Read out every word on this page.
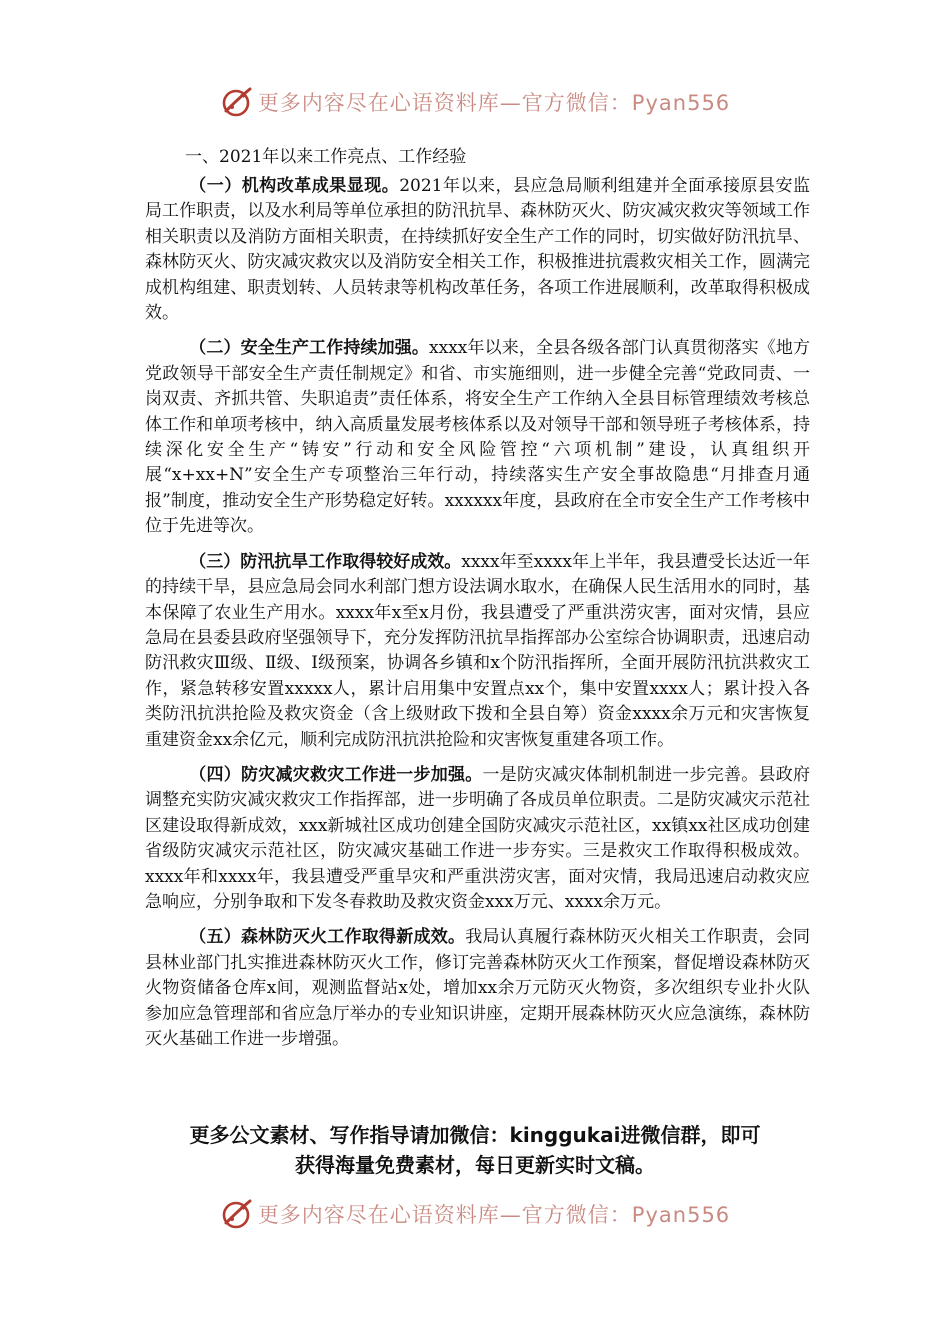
更多内容尽在心语资料库—官方微信：Pyan556
一、2021年以来工作亮点、工作经验

（一）机构改革成果显现。2021年以来，县应急局顺利组建并全面承接原县安监局工作职责，以及水利局等单位承担的防汛抗旱、森林防灭火、防灾减灾救灾等领域工作相关职责以及消防方面相关职责，在持续抓好安全生产工作的同时，切实做好防汛抗旱、森林防灭火、防灾减灾救灾以及消防安全相关工作，积极推进抗震救灾相关工作，圆满完成机构组建、职责划转、人员转隶等机构改革任务，各项工作进展顺利，改革取得积极成效。

（二）安全生产工作持续加强。xxxx年以来，全县各级各部门认真贯彻落实《地方党政领导干部安全生产责任制规定》和省、市实施细则，进一步健全完善“党政同责、一岗双责、齐抓共管、失职追责”责任体系，将安全生产工作纳入全县目标管理绩效考核总体工作和单项考核中，纳入高质量发展考核体系以及对领导干部和领导班子考核体系，持续深化安全生产“铸安”行动和安全风险管控“六项机制”建设，认真组织开展“x+xx+N”安全生产专项整治三年行动，持续落实生产安全事故隐患“月排查月通报”制度，推动安全生产形势稳定好转。xxxxxx年度，县政府在全市安全生产工作考核中位于先进等次。

（三）防汛抗旱工作取得较好成效。xxxx年至xxxx年上半年，我县遭受长达近一年的持续干旱，县应急局会同水利部门想方设法调水取水，在确保人民生活用水的同时，基本保障了农业生产用水。xxxx年x至x月份，我县遭受了严重洪涝灾害，面对灾情，县应急局在县委县政府坚强领导下，充分发挥防汛抗旱指挥部办公室综合协调职责，迅速启动防汛救灾Ⅲ级、Ⅱ级、Ⅰ级预案，协调各乡镇和x个防汛指挥所，全面开展防汛抗洪救灾工作，紧急转移安置xxxxx人，累计启用集中安置点xx个，集中安置xxxx人；累计投入各类防汛抗洪抢险及救灾资金（含上级财政下拨和全县自筹）资金xxxx余万元和灾害恢复重建资金xx余亿元，顺利完成防汛抗洪抢险和灾害恢复重建各项工作。

（四）防灾减灾救灾工作进一步加强。一是防灾减灾体制机制进一步完善。县政府调整充实防灾减灾救灾工作指挥部，进一步明确了各成员单位职责。二是防灾减灾示范社区建设取得新成效，xxx新城社区成功创建全国防灾减灾示范社区，xx镇xx社区成功创建省级防灾减灾示范社区，防灾减灾基础工作进一步夯实。三是救灾工作取得积极成效。xxxx年和xxxx年，我县遭受严重旱灾和严重洪涝灾害，面对灾情，我局迅速启动救灾应急响应，分别争取和下发冬春救助及救灾资金xxx万元、xxxx余万元。

（五）森林防灭火工作取得新成效。我局认真履行森林防灭火相关工作职责，会同县林业部门扎实推进森林防灭火工作，修订完善森林防灭火工作预案，督促增设森林防灭火物资储备仓库x间，观测监督站x处，增加xx余万元防灭火物资，多次组织专业扑火队参加应急管理部和省应急厅举办的专业知识讲座，定期开展森林防灭火应急演练，森林防灭火基础工作进一步增强。

更多公文素材、写作指导请加微信：kinggukai进微信群，即可
获得海量免费素材，每日更新实时文稿。
更多内容尽在心语资料库—官方微信：Pyan556
